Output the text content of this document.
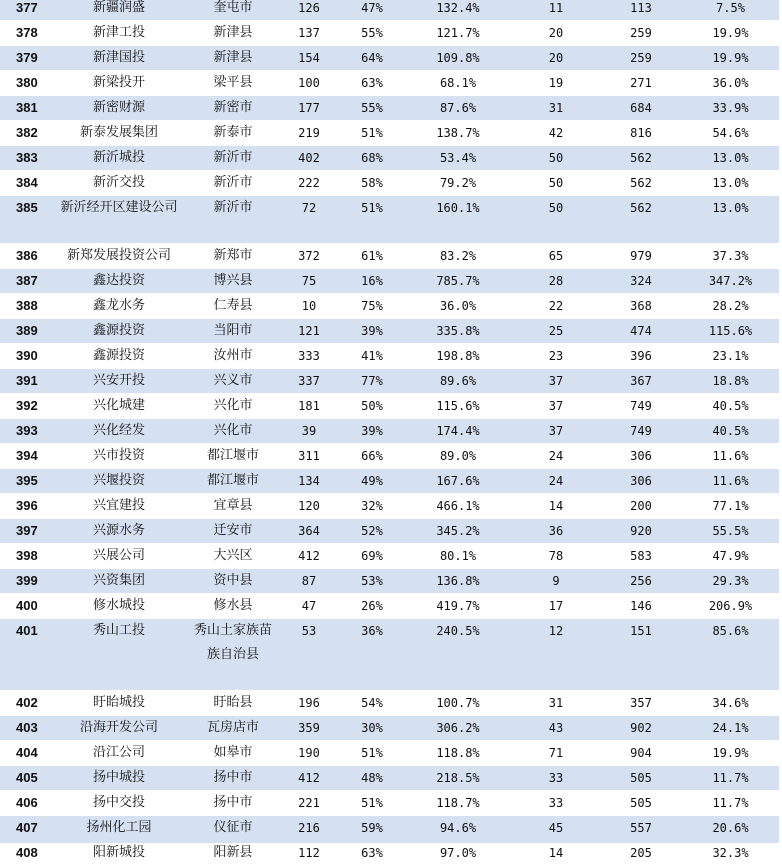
377	新疆润盛	奎屯市	126	47%	132.4%	11	113	7.5%
378	新津工投	新津县	137	55%	121.7%	20	259	19.9%
379	新津国投	新津县	154	64%	109.8%	20	259	19.9%
380	新梁投开	梁平县	100	63%	68.1%	19	271	36.0%
381	新密财源	新密市	177	55%	87.6%	31	684	33.9%
382	新泰发展集团	新泰市	219	51%	138.7%	42	816	54.6%
383	新沂城投	新沂市	402	68%	53.4%	50	562	13.0%
384	新沂交投	新沂市	222	58%	79.2%	50	562	13.0%
385	新沂经开区建设公司	新沂市	72	51%	160.1%	50	562	13.0%
386	新郑发展投资公司	新郑市	372	61%	83.2%	65	979	37.3%
387	鑫达投资	博兴县	75	16%	785.7%	28	324	347.2%
388	鑫龙水务	仁寿县	10	75%	36.0%	22	368	28.2%
389	鑫源投资	当阳市	121	39%	335.8%	25	474	115.6%
390	鑫源投资	汝州市	333	41%	198.8%	23	396	23.1%
391	兴安开投	兴义市	337	77%	89.6%	37	367	18.8%
392	兴化城建	兴化市	181	50%	115.6%	37	749	40.5%
393	兴化经发	兴化市	39	39%	174.4%	37	749	40.5%
394	兴市投资	都江堰市	311	66%	89.0%	24	306	11.6%
395	兴堰投资	都江堰市	134	49%	167.6%	24	306	11.6%
396	兴宜建投	宜章县	120	32%	466.1%	14	200	77.1%
397	兴源水务	迁安市	364	52%	345.2%	36	920	55.5%
398	兴展公司	大兴区	412	69%	80.1%	78	583	47.9%
399	兴资集团	资中县	87	53%	136.8%	9	256	29.3%
400	修水城投	修水县	47	26%	419.7%	17	146	206.9%
401	秀山工投	秀山土家族苗族自治县	53	36%	240.5%	12	151	85.6%
402	盱眙城投	盱眙县	196	54%	100.7%	31	357	34.6%
403	沿海开发公司	瓦房店市	359	30%	306.2%	43	902	24.1%
404	沿江公司	如皋市	190	51%	118.8%	71	904	19.9%
405	扬中城投	扬中市	412	48%	218.5%	33	505	11.7%
406	扬中交投	扬中市	221	51%	118.7%	33	505	11.7%
407	扬州化工园	仪征市	216	59%	94.6%	45	557	20.6%
408	阳新城投	阳新县	112	63%	97.0%	14	205	32.3%
